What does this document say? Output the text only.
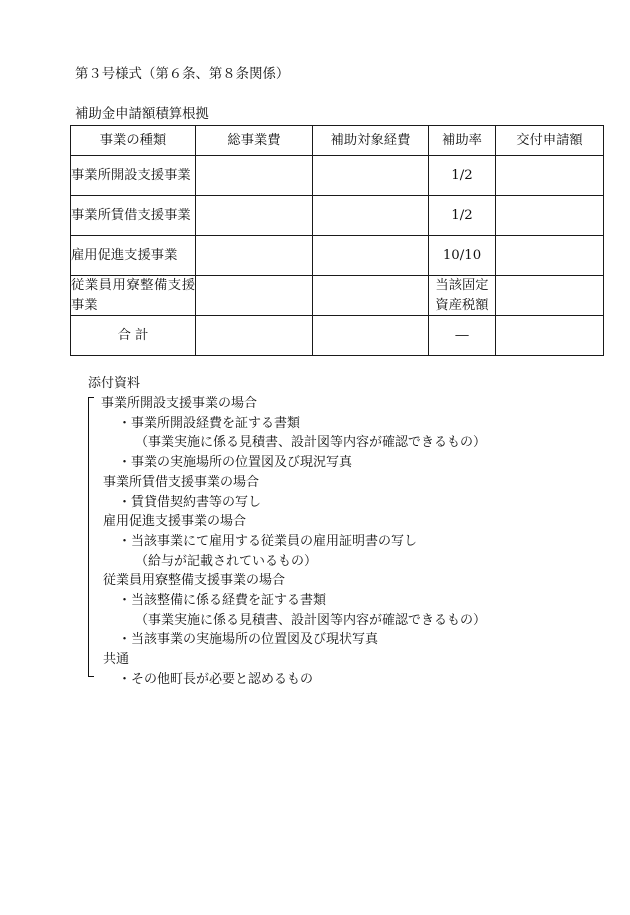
第３号様式（第６条、第８条関係）
補助金申請額積算根拠
事業の種類	総事業費	補助対象経費	補助率	交付申請額
事業所開設支援事業			1/2	
事業所賃借支援事業			1/2	
雇用促進支援事業			10/10	
従業員用寮整備支援事業			当該固定資産税額	
合 計			―	
添付資料
事業所開設支援事業の場合
・事業所開設経費を証する書類
（事業実施に係る見積書、設計図等内容が確認できるもの）
・事業の実施場所の位置図及び現況写真
事業所賃借支援事業の場合
・賃貸借契約書等の写し
雇用促進支援事業の場合
・当該事業にて雇用する従業員の雇用証明書の写し
（給与が記載されているもの）
従業員用寮整備支援事業の場合
・当該整備に係る経費を証する書類
（事業実施に係る見積書、設計図等内容が確認できるもの）
・当該事業の実施場所の位置図及び現状写真
共通
・その他町長が必要と認めるもの
